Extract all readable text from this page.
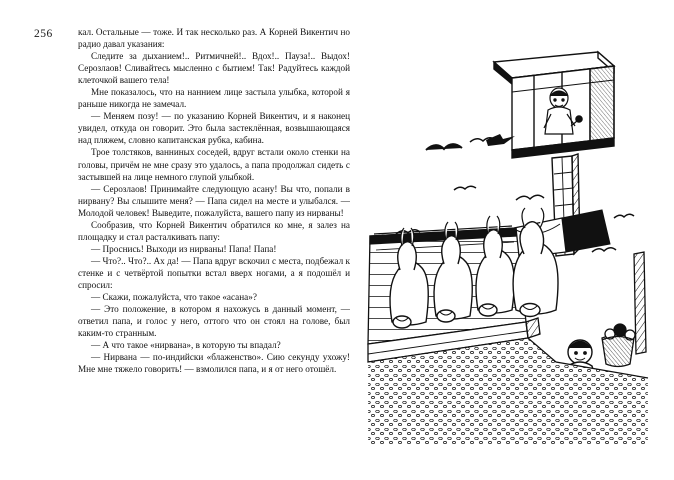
256	кал. Остальные — тоже. И так несколько раз. А Корней Викентич но радио давал указания:

Следите за дыханием!.. Ритмичней!.. Вдох!.. Пауза!.. Выдох! Серозлаов! Сливайтесь мысленно с бытием! Так! Радуйтесь каждой клеточкой вашего тела!

Мне показалось, что на наннием лице застыла улыбка, которой я раньше никогда не замечал.

— Меняем позу! — по указанию Корней Викентич, и я наконец увидел, откуда он говорит. Это была застеклённая, возвышающаяся над пляжем, словно капитанская рубка, кабина.

Трое толстяков, ванниных соседей, вдруг встали около стенки на головы, причём не мне сразу это удалось, а папа продолжал сидеть с застывшей на лице немного глупой улыбкой.

— Серозлаов! Принимайте следующую асану! Вы что, попали в нирвану? Вы слышите меня? — Папа сидел на месте и улыбался. — Молодой человек! Выведите, пожалуйста, вашего папу из нирваны!

Сообразив, что Корней Викентич обратился ко мне, я залез на площадку и стал расталкивать папу:

— Проснись! Выходи из нирваны! Папа! Папа!

— Что?.. Что?.. Ах да! — Папа вдруг вскочил с места, подбежал к стенке и с четвёртой попытки встал вверх ногами, а я подошёл и спросил:

— Скажи, пожалуйста, что такое «асана»?

— Это положение, в котором я нахожусь в данный момент, — ответил папа, и голос у него, оттого что он стоял на голове, был каким-то странным.

— А что такое «нирвана», в которую ты впадал?

— Нирвана — по-индийски «блаженство». Сию секунду ухожу! Мне мне тяжело говорить! — взмолился папа, и я от него отошёл.
